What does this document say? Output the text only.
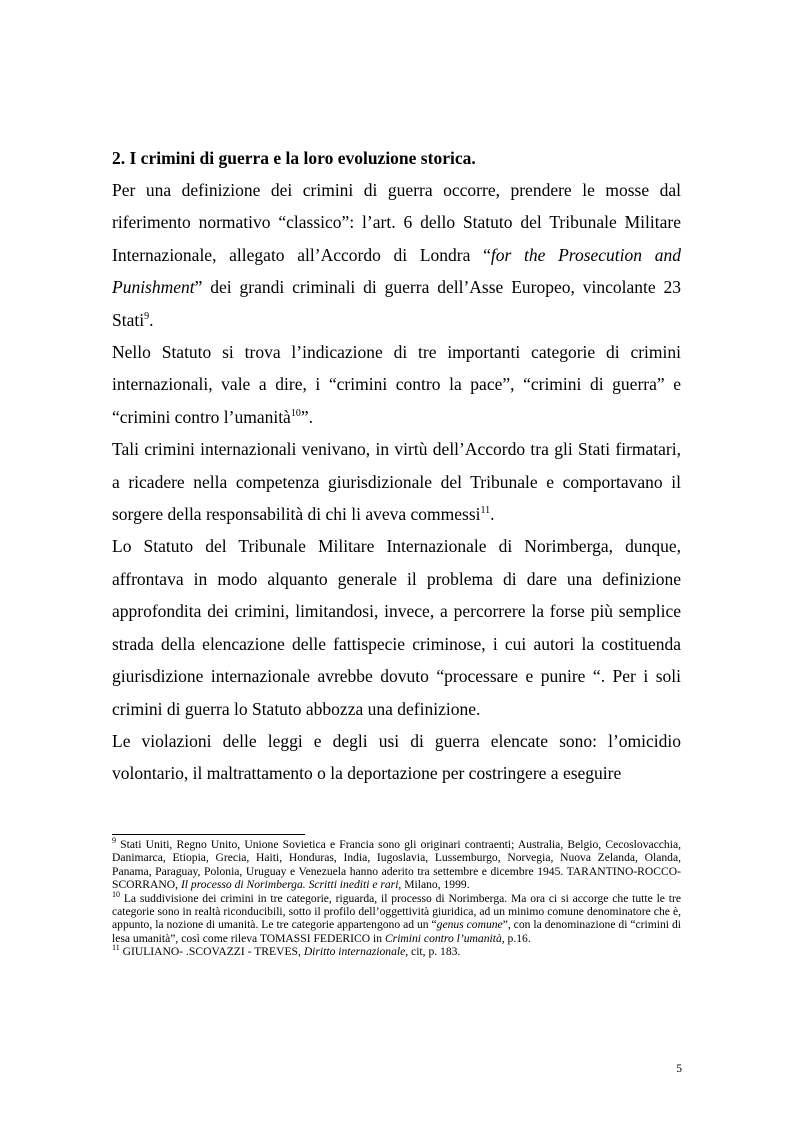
2. I crimini di guerra e la loro evoluzione storica.

Per una definizione dei crimini di guerra occorre, prendere le mosse dal riferimento normativo “classico”: l’art. 6 dello Statuto del Tribunale Militare Internazionale, allegato all’Accordo di Londra “for the Prosecution and Punishment” dei grandi criminali di guerra dell’Asse Europeo, vincolante 23 Stati$^9$.

Nello Statuto si trova l’indicazione di tre importanti categorie di crimini internazionali, vale a dire, i “crimini contro la pace”, “crimini di guerra” e “crimini contro l’umanità$^{10}$”.

Tali crimini internazionali venivano, in virtù dell’Accordo tra gli Stati firmatari, a ricadere nella competenza giurisdizionale del Tribunale e comportavano il sorgere della responsabilità di chi li aveva commessi$^{11}$.

Lo Statuto del Tribunale Militare Internazionale di Norimberga, dunque, affrontava in modo alquanto generale il problema di dare una definizione approfondita dei crimini, limitandosi, invece, a percorrere la forse più semplice strada della elencazione delle fattispecie criminose, i cui autori la costituenda giurisdizione internazionale avrebbe dovuto “processare e punire “. Per i soli crimini di guerra lo Statuto abbozza una definizione.

Le violazioni delle leggi e degli usi di guerra elencate sono: l’omicidio volontario, il maltrattamento o la deportazione per costringere a eseguire

$^9$ Stati Uniti, Regno Unito, Unione Sovietica e Francia sono gli originari contraenti; Australia, Belgio, Cecoslovacchia, Danimarca, Etiopia, Grecia, Haiti, Honduras, India, Iugoslavia, Lussemburgo, Norvegia, Nuova Zelanda, Olanda, Panama, Paraguay, Polonia, Uruguay e Venezuela hanno aderito tra settembre e dicembre 1945. TARANTINO-ROCCO-SCORRANO, Il processo di Norimberga. Scritti inediti e rari, Milano, 1999.

$^{10}$ La suddivisione dei crimini in tre categorie, riguarda, il processo di Norimberga. Ma ora ci si accorge che tutte le tre categorie sono in realtà riconducibili, sotto il profilo dell’oggettività giuridica, ad un minimo comune denominatore che è, appunto, la nozione di umanità. Le tre categorie appartengono ad un “genus comune”, con la denominazione di “crimini di lesa umanità”, così come rileva TOMASSI FEDERICO in Crimini contro l’umanità, p.16.

$^{11}$ GIULIANO- .SCOVAZZI - TREVES, Diritto internazionale, cit, p. 183.

5
